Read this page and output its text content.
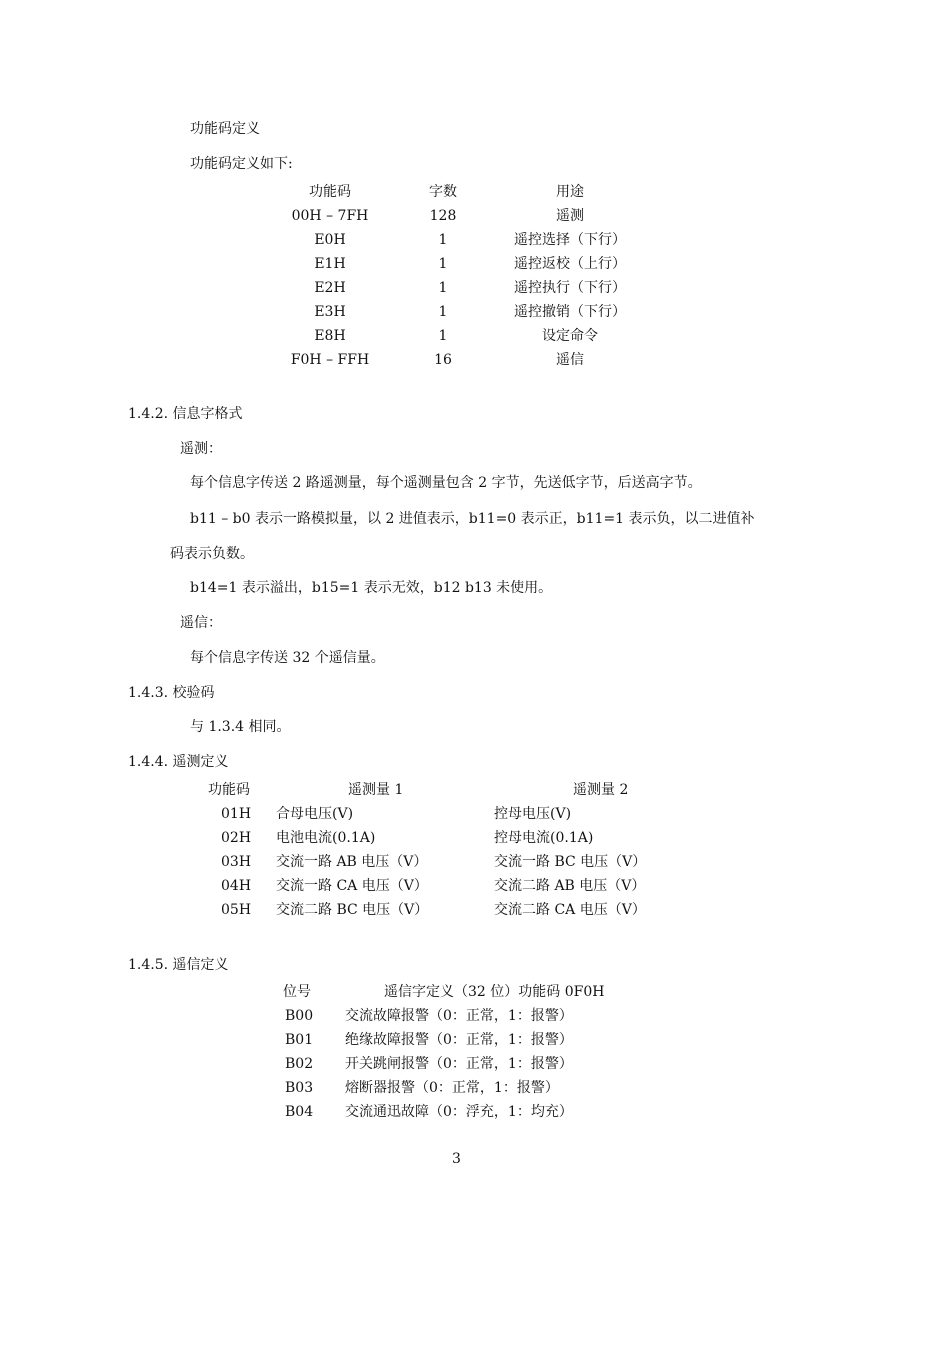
功能码定义
功能码定义如下:
功能码	字数	用途
00H – 7FH	128	遥测
E0H	1	遥控选择（下行）
E1H	1	遥控返校（上行）
E2H	1	遥控执行（下行）
E3H	1	遥控撤销（下行）
E8H	1	设定命令
F0H – FFH	16	遥信
1.4.2. 信息字格式
遥测：
每个信息字传送 2 路遥测量，每个遥测量包含 2 字节，先送低字节，后送高字节。
b11 – b0 表示一路模拟量，以 2 进值表示，b11=0 表示正，b11=1 表示负，以二进值补
码表示负数。
b14=1 表示溢出，b15=1 表示无效，b12 b13 未使用。
遥信：
每个信息字传送 32 个遥信量。
1.4.3. 校验码
与 1.3.4 相同。
1.4.4. 遥测定义
功能码	遥测量 1	遥测量 2
01H 合母电压(V)	控母电压(V)
02H 电池电流(0.1A)	控母电流(0.1A)
03H 交流一路 AB 电压（V）	交流一路 BC 电压（V）
04H 交流一路 CA 电压（V）	交流二路 AB 电压（V）
05H 交流二路 BC 电压（V）	交流二路 CA 电压（V）
1.4.5. 遥信定义
位号	遥信字定义（32 位）功能码 0F0H
B00 交流故障报警（0：正常，1：报警）
B01 绝缘故障报警（0：正常，1：报警）
B02 开关跳闸报警（0：正常，1：报警）
B03 熔断器报警（0：正常，1：报警）
B04 交流通迅故障（0：浮充，1：均充）
3
